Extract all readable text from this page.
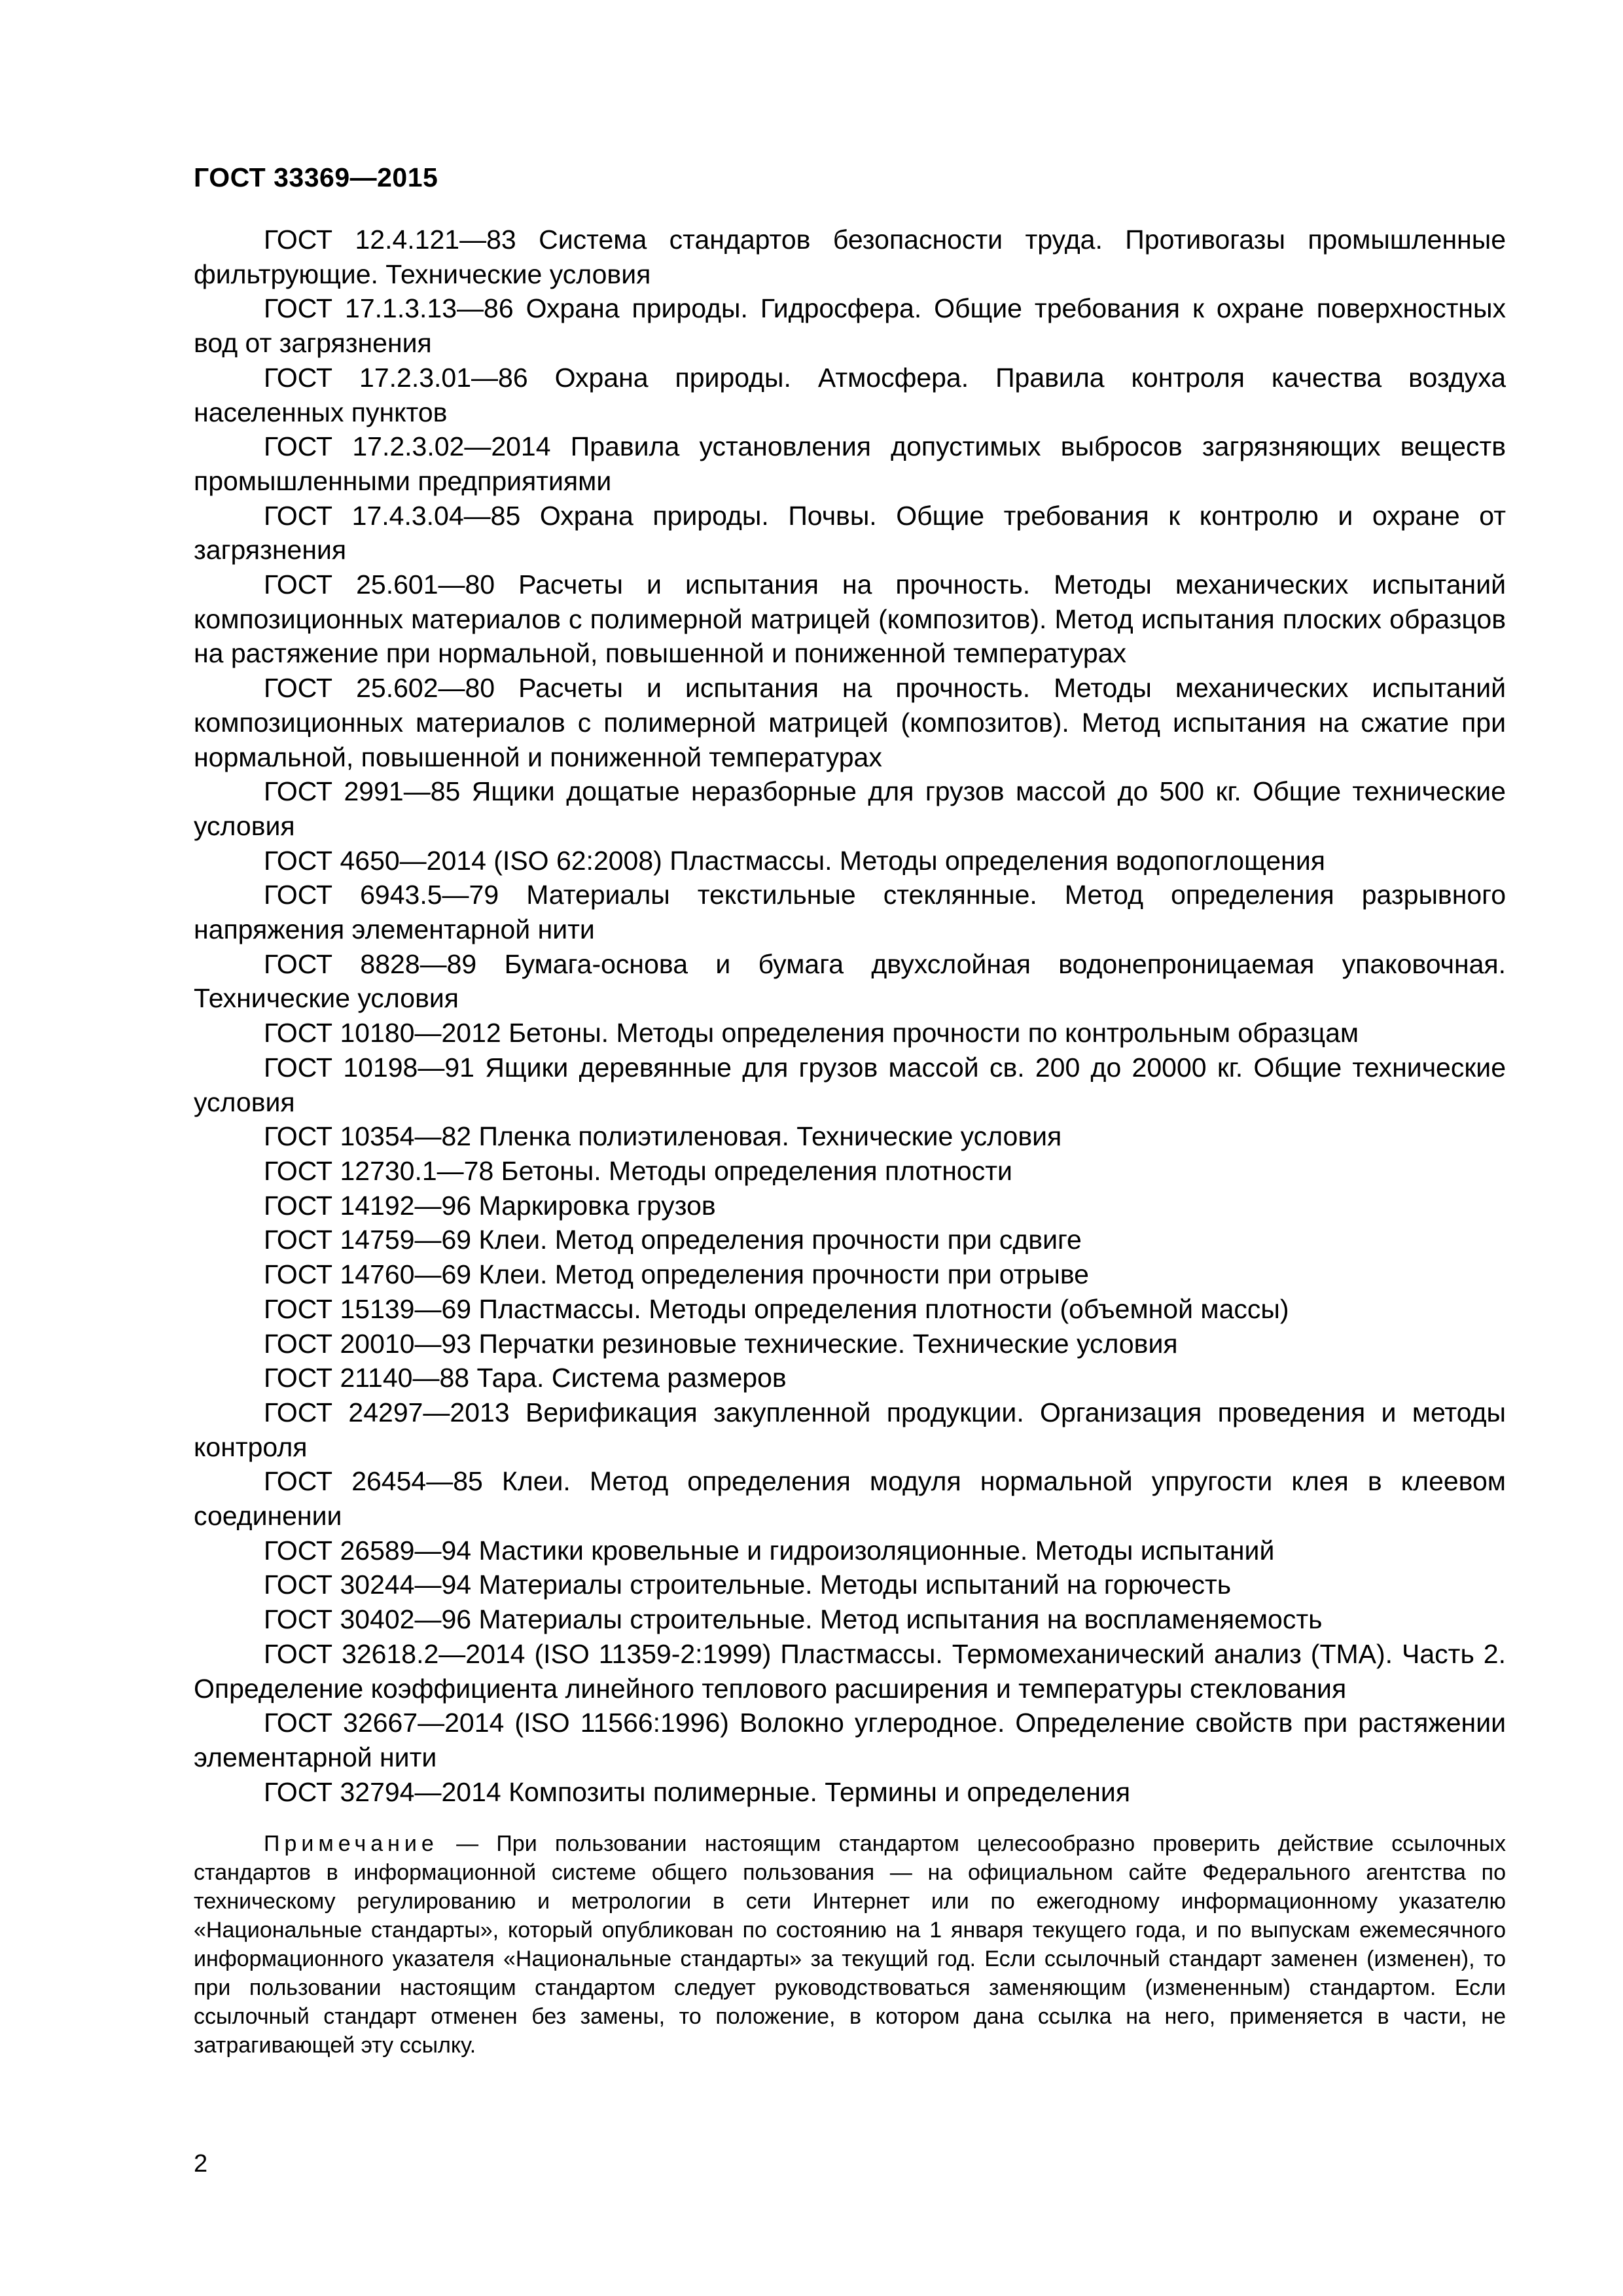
ГОСТ 33369—2015

ГОСТ 12.4.121—83 Система стандартов безопасности труда. Противогазы промышленные фильтрующие. Технические условия

ГОСТ 17.1.3.13—86 Охрана природы. Гидросфера. Общие требования к охране поверхностных вод от загрязнения

ГОСТ 17.2.3.01—86 Охрана природы. Атмосфера. Правила контроля качества воздуха населенных пунктов

ГОСТ 17.2.3.02—2014 Правила установления допустимых выбросов загрязняющих веществ промышленными предприятиями

ГОСТ 17.4.3.04—85 Охрана природы. Почвы. Общие требования к контролю и охране от загрязнения

ГОСТ 25.601—80 Расчеты и испытания на прочность. Методы механических испытаний композиционных материалов с полимерной матрицей (композитов). Метод испытания плоских образцов на растяжение при нормальной, повышенной и пониженной температурах

ГОСТ 25.602—80 Расчеты и испытания на прочность. Методы механических испытаний композиционных материалов с полимерной матрицей (композитов). Метод испытания на сжатие при нормальной, повышенной и пониженной температурах

ГОСТ 2991—85 Ящики дощатые неразборные для грузов массой до 500 кг. Общие технические условия

ГОСТ 4650—2014 (ISO 62:2008) Пластмассы. Методы определения водопоглощения

ГОСТ 6943.5—79 Материалы текстильные стеклянные. Метод определения разрывного напряжения элементарной нити

ГОСТ 8828—89 Бумага-основа и бумага двухслойная водонепроницаемая упаковочная. Технические условия

ГОСТ 10180—2012 Бетоны. Методы определения прочности по контрольным образцам

ГОСТ 10198—91 Ящики деревянные для грузов массой св. 200 до 20000 кг. Общие технические условия

ГОСТ 10354—82 Пленка полиэтиленовая. Технические условия

ГОСТ 12730.1—78 Бетоны. Методы определения плотности

ГОСТ 14192—96 Маркировка грузов

ГОСТ 14759—69 Клеи. Метод определения прочности при сдвиге

ГОСТ 14760—69 Клеи. Метод определения прочности при отрыве

ГОСТ 15139—69 Пластмассы. Методы определения плотности (объемной массы)

ГОСТ 20010—93 Перчатки резиновые технические. Технические условия

ГОСТ 21140—88 Тара. Система размеров

ГОСТ 24297—2013 Верификация закупленной продукции. Организация проведения и методы контроля

ГОСТ 26454—85 Клеи. Метод определения модуля нормальной упругости клея в клеевом соединении

ГОСТ 26589—94 Мастики кровельные и гидроизоляционные. Методы испытаний

ГОСТ 30244—94 Материалы строительные. Методы испытаний на горючесть

ГОСТ 30402—96 Материалы строительные. Метод испытания на воспламеняемость

ГОСТ 32618.2—2014 (ISO 11359-2:1999) Пластмассы. Термомеханический анализ (ТМА). Часть 2. Определение коэффициента линейного теплового расширения и температуры стеклования

ГОСТ 32667—2014 (ISO 11566:1996) Волокно углеродное. Определение свойств при растяжении элементарной нити

ГОСТ 32794—2014 Композиты полимерные. Термины и определения

Примечание — При пользовании настоящим стандартом целесообразно проверить действие ссылочных стандартов в информационной системе общего пользования — на официальном сайте Федерального агентства по техническому регулированию и метрологии в сети Интернет или по ежегодному информационному указателю «Национальные стандарты», который опубликован по состоянию на 1 января текущего года, и по выпускам ежемесячного информационного указателя «Национальные стандарты» за текущий год. Если ссылочный стандарт заменен (изменен), то при пользовании настоящим стандартом следует руководствоваться заменяющим (измененным) стандартом. Если ссылочный стандарт отменен без замены, то положение, в котором дана ссылка на него, применяется в части, не затрагивающей эту ссылку.

2
